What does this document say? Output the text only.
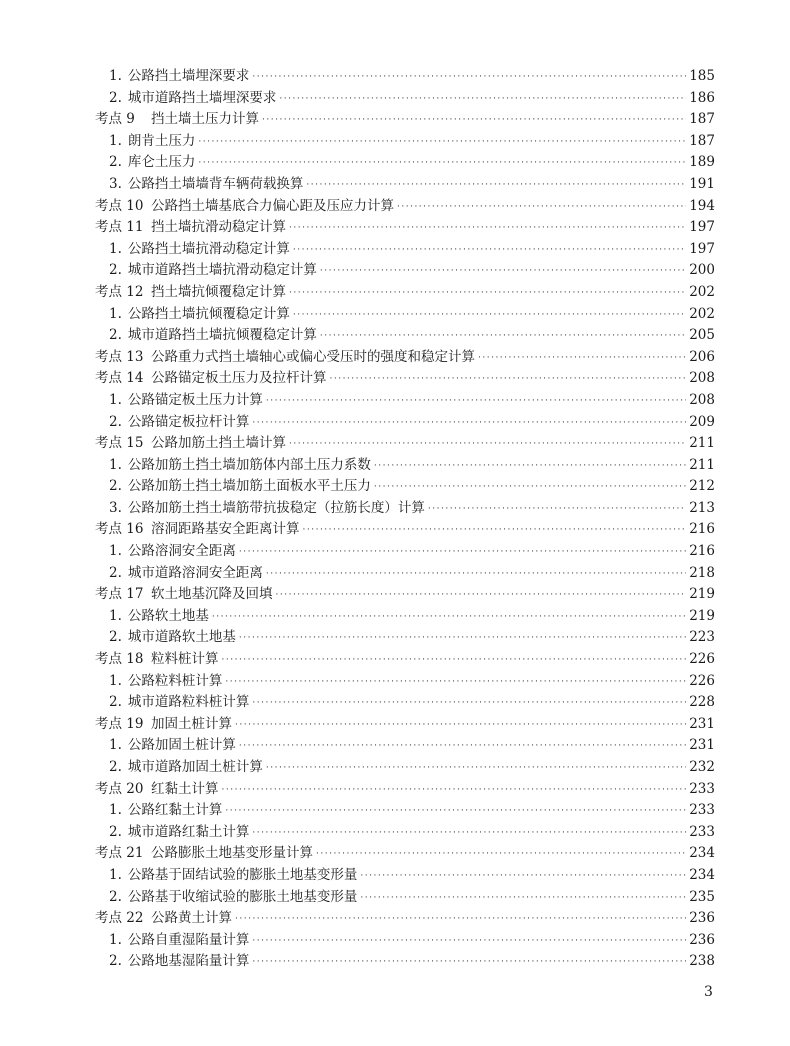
1. 公路挡土墙埋深要求 ·····	185
2. 城市道路挡土墙埋深要求 ·····	186
考点 9	挡土墙土压力计算 ·····	187
1. 朗肯土压力 ·····	187
2. 库仑土压力 ·····	189
3. 公路挡土墙墙背车辆荷载换算 ·····	191
考点 10 公路挡土墙基底合力偏心距及压应力计算 ·····	194
考点 11 挡土墙抗滑动稳定计算 ·····	197
1. 公路挡土墙抗滑动稳定计算 ·····	197
2. 城市道路挡土墙抗滑动稳定计算 ·····	200
考点 12 挡土墙抗倾覆稳定计算 ·····	202
1. 公路挡土墙抗倾覆稳定计算 ·····	202
2. 城市道路挡土墙抗倾覆稳定计算 ·····	205
考点 13 公路重力式挡土墙轴心或偏心受压时的强度和稳定计算 ·····	206
考点 14 公路锚定板土压力及拉杆计算 ·····	208
1. 公路锚定板土压力计算 ·····	208
2. 公路锚定板拉杆计算 ·····	209
考点 15 公路加筋土挡土墙计算 ·····	211
1. 公路加筋土挡土墙加筋体内部土压力系数 ·····	211
2. 公路加筋土挡土墙加筋土面板水平土压力 ·····	212
3. 公路加筋土挡土墙筋带抗拔稳定（拉筋长度）计算 ·····	213
考点 16 溶洞距路基安全距离计算 ·····	216
1. 公路溶洞安全距离 ·····	216
2. 城市道路溶洞安全距离 ·····	218
考点 17 软土地基沉降及回填 ·····	219
1. 公路软土地基 ·····	219
2. 城市道路软土地基 ·····	223
考点 18 粒料桩计算 ·····	226
1. 公路粒料桩计算 ·····	226
2. 城市道路粒料桩计算 ·····	228
考点 19 加固土桩计算 ·····	231
1. 公路加固土桩计算 ·····	231
2. 城市道路加固土桩计算 ·····	232
考点 20 红黏土计算 ·····	233
1. 公路红黏土计算 ·····	233
2. 城市道路红黏土计算 ·····	233
考点 21 公路膨胀土地基变形量计算 ·····	234
1. 公路基于固结试验的膨胀土地基变形量 ·····	234
2. 公路基于收缩试验的膨胀土地基变形量 ·····	235
考点 22 公路黄土计算 ·····	236
1. 公路自重湿陷量计算 ·····	236
2. 公路地基湿陷量计算 ·····	238
3
